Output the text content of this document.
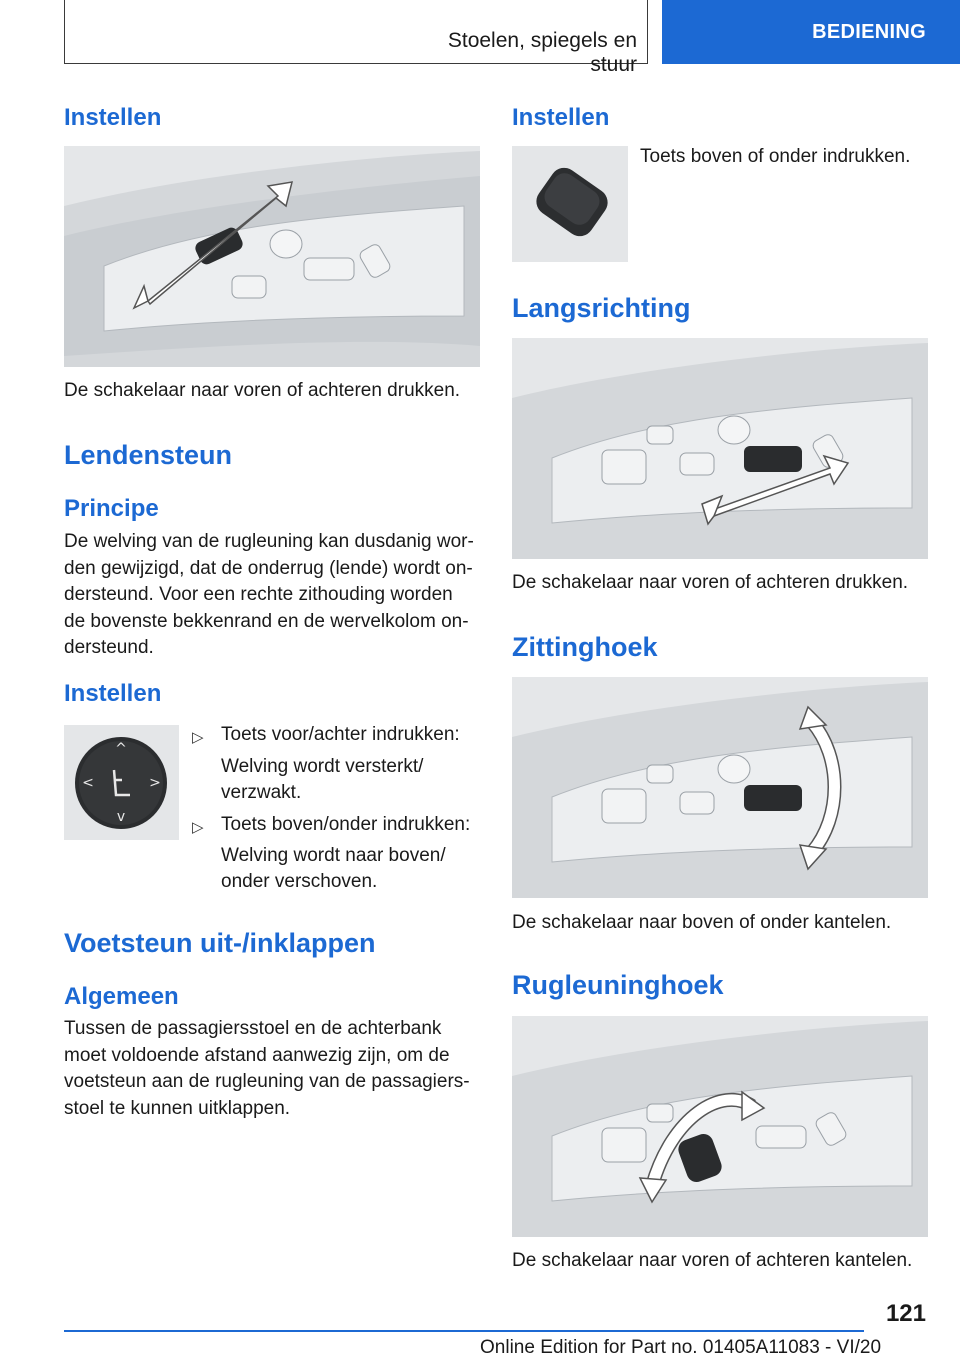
Stoelen, spiegels en stuur
BEDIENING
Instellen
De schakelaar naar voren of achteren drukken.
Lendensteun
Principe
De welving van de rugleuning kan dusdanig wor-
den gewijzigd, dat de onderrug (lende) wordt on-
dersteund. Voor een rechte zithouding worden
de bovenste bekkenrand en de wervelkolom on-
dersteund.
Instellen
^
v
<	>
▷ Toets voor/achter indrukken:
Welving wordt versterkt/
verzwakt.
▷ Toets boven/onder indrukken:
Welving wordt naar boven/
onder verschoven.
Voetsteun uit-/inklappen
Algemeen
Tussen de passagiersstoel en de achterbank
moet voldoende afstand aanwezig zijn, om de
voetsteun aan de rugleuning van de passagiers-
stoel te kunnen uitklappen.
Instellen
Toets boven of onder indrukken.
Langsrichting
De schakelaar naar voren of achteren drukken.
Zittinghoek
De schakelaar naar boven of onder kantelen.
Rugleuninghoek
De schakelaar naar voren of achteren kantelen.
121
Online Edition for Part no. 01405A11083 - VI/20
